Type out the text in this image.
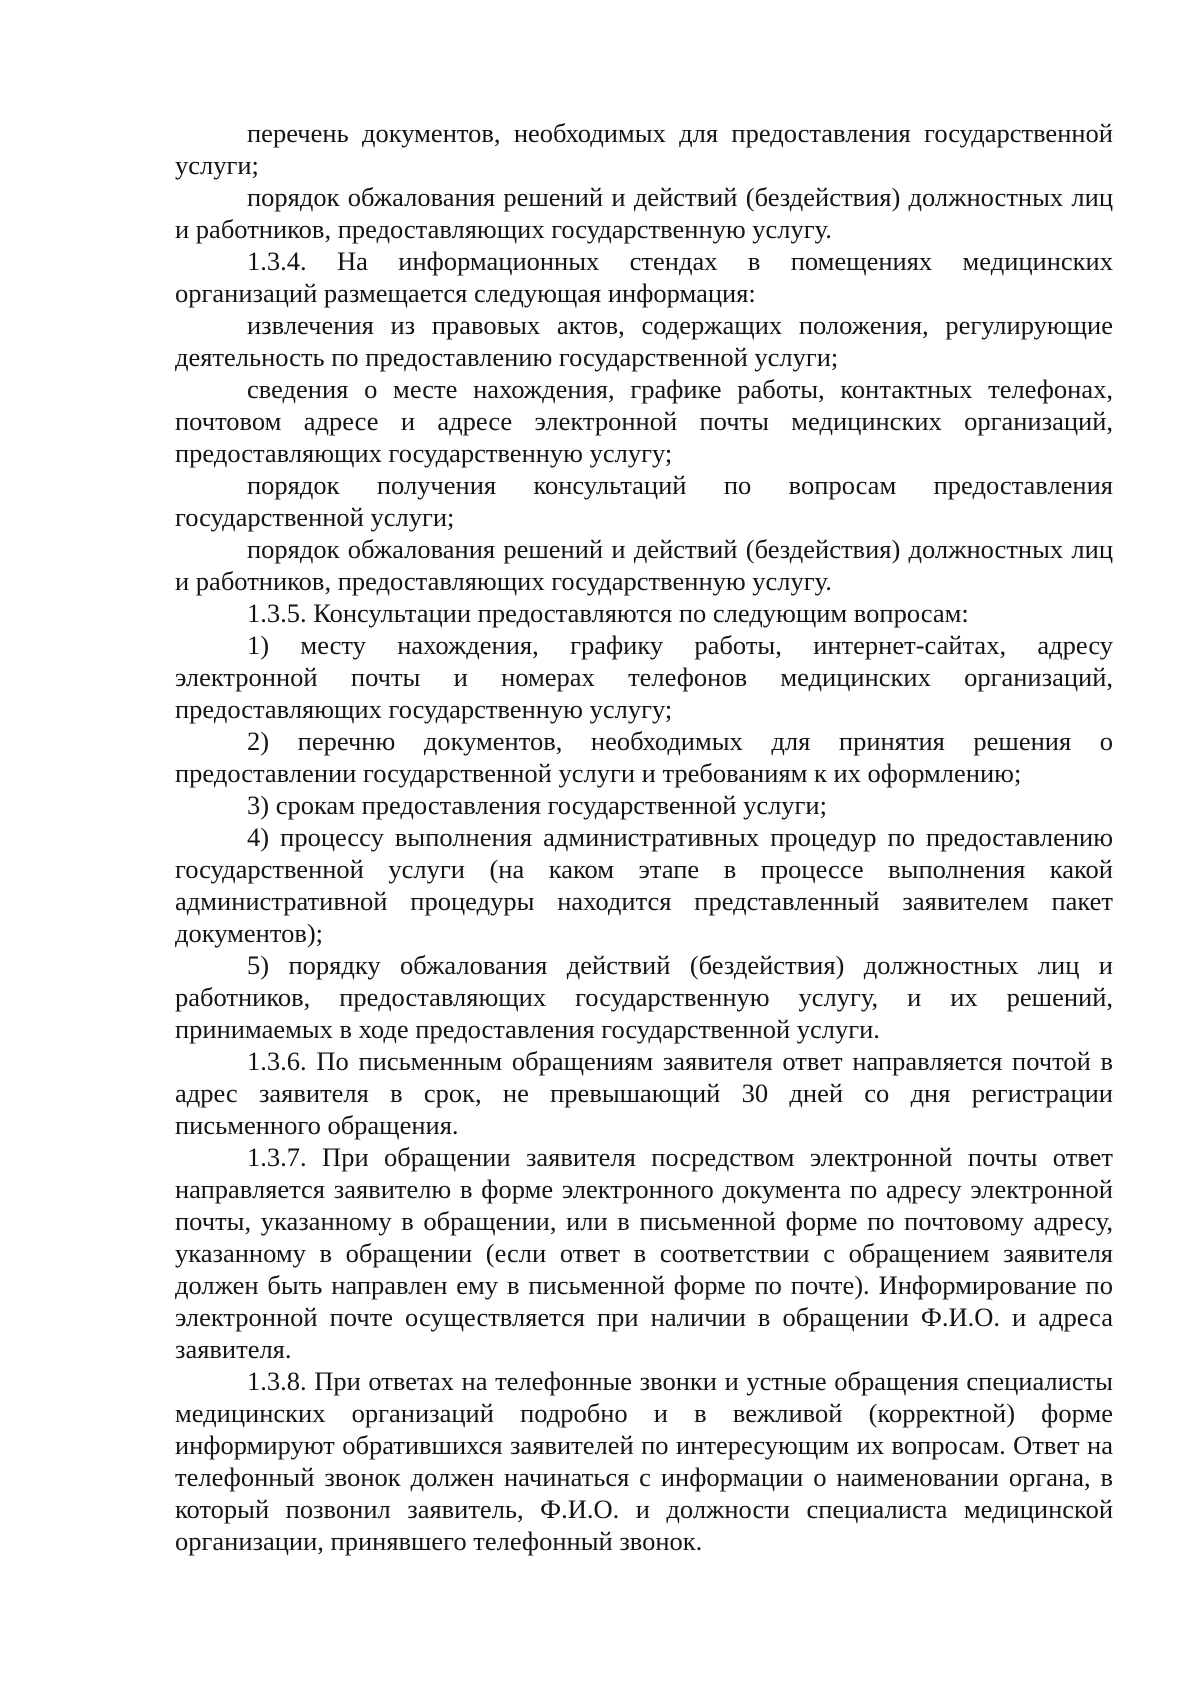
перечень документов, необходимых для предоставления государственной услуги;

порядок обжалования решений и действий (бездействия) должностных лиц и работников, предоставляющих государственную услугу.

1.3.4. На информационных стендах в помещениях медицинских организаций размещается следующая информация:

извлечения из правовых актов, содержащих положения, регулирующие деятельность по предоставлению государственной услуги;

сведения о месте нахождения, графике работы, контактных телефонах, почтовом адресе и адресе электронной почты медицинских организаций, предоставляющих государственную услугу;

порядок получения консультаций по вопросам предоставления государственной услуги;

порядок обжалования решений и действий (бездействия) должностных лиц и работников, предоставляющих государственную услугу.

1.3.5. Консультации предоставляются по следующим вопросам:

1) месту нахождения, графику работы, интернет-сайтах, адресу электронной почты и номерах телефонов медицинских организаций, предоставляющих государственную услугу;

2) перечню документов, необходимых для принятия решения о предоставлении государственной услуги и требованиям к их оформлению;

3) срокам предоставления государственной услуги;

4) процессу выполнения административных процедур по предоставлению государственной услуги (на каком этапе в процессе выполнения какой административной процедуры находится представленный заявителем пакет документов);

5) порядку обжалования действий (бездействия) должностных лиц и работников, предоставляющих государственную услугу, и их решений, принимаемых в ходе предоставления государственной услуги.

1.3.6. По письменным обращениям заявителя ответ направляется почтой в адрес заявителя в срок, не превышающий 30 дней со дня регистрации письменного обращения.

1.3.7. При обращении заявителя посредством электронной почты ответ направляется заявителю в форме электронного документа по адресу электронной почты, указанному в обращении, или в письменной форме по почтовому адресу, указанному в обращении (если ответ в соответствии с обращением заявителя должен быть направлен ему в письменной форме по почте). Информирование по электронной почте осуществляется при наличии в обращении Ф.И.О. и адреса заявителя.

1.3.8. При ответах на телефонные звонки и устные обращения специалисты медицинских организаций подробно и в вежливой (корректной) форме информируют обратившихся заявителей по интересующим их вопросам. Ответ на телефонный звонок должен начинаться с информации о наименовании органа, в который позвонил заявитель, Ф.И.О. и должности специалиста медицинской организации, принявшего телефонный звонок.
